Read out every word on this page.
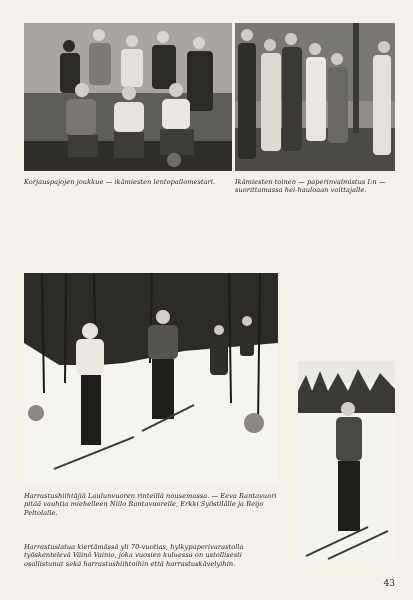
Korjauspajojen joukkue — ikämiesten lentopallomestari.	Ikämiesten toinen — paperinvalmistus I:n — suorittamassa hei-hauloaan voittajalle.

Harrastushiihtäjiä Laulunvuoren rinteillä nousemassa. — Eeva Rantavuori pitää vauhtia miehelleen Niilo Rantavuorelle, Erkki Syöstilälle ja Reijo Peltolalle.

Harrastuslatua kiertämässä yli 70-vuotias, hylkypaperivarastolla työskentelevä Väinö Vainio, joka vuosien kuluessa on ustollisesti osallistunut sekä harrastushiihtoihin että harrastuskävelyihin.

43
